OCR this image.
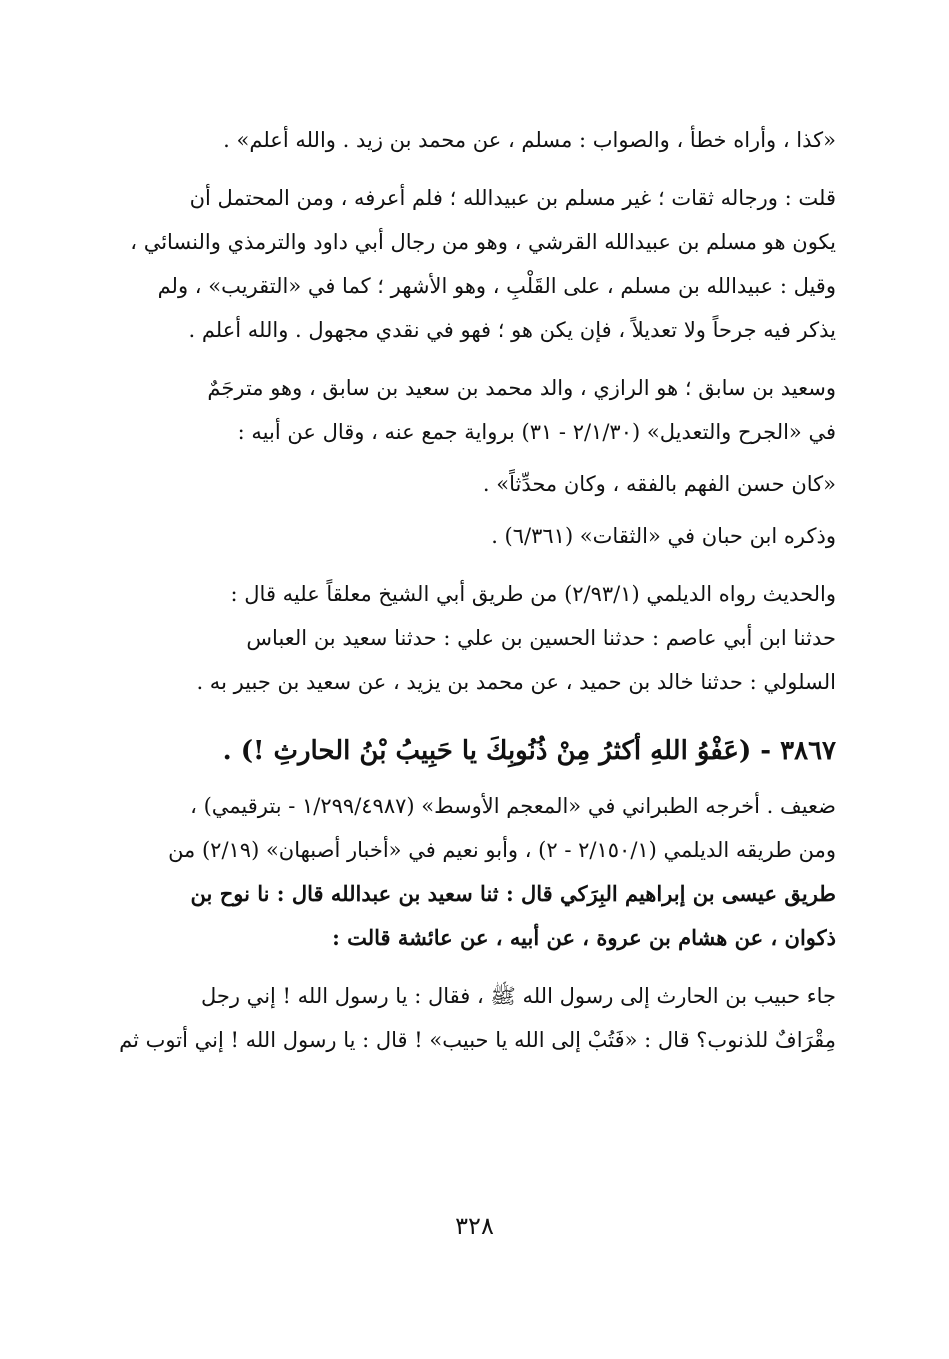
«كذا ، وأراه خطأ ، والصواب : مسلم ، عن محمد بن زيد . والله أعلم» .
قلت : ورجاله ثقات ؛ غير مسلم بن عبيدالله ؛ فلم أعرفه ، ومن المحتمل أن
يكون هو مسلم بن عبيدالله القرشي ، وهو من رجال أبي داود والترمذي والنسائي ،
وقيل : عبيدالله بن مسلم ، على القَلْبِ ، وهو الأشهر ؛ كما في «التقريب» ، ولم
يذكر فيه جرحاً ولا تعديلاً ، فإن يكن هو ؛ فهو في نقدي مجهول . والله أعلم .
وسعيد بن سابق ؛ هو الرازي ، والد محمد بن سعيد بن سابق ، وهو مترجَمٌ
في «الجرح والتعديل» (٢/١/٣٠ - ٣١) برواية جمع عنه ، وقال عن أبيه :
«كان حسن الفهم بالفقه ، وكان محدِّثاً» .
وذكره ابن حبان في «الثقات» (٦/٣٦١) .
والحديث رواه الديلمي (٢/٩٣/١) من طريق أبي الشيخ معلقاً عليه قال :
حدثنا ابن أبي عاصم : حدثنا الحسين بن علي : حدثنا سعيد بن العباس
السلولي : حدثنا خالد بن حميد ، عن محمد بن يزيد ، عن سعيد بن جبير به .
٣٨٦٧ - (عَفْوُ اللهِ أكثرُ مِنْ ذُنُوبِكَ يا حَبِيبُ بْنُ الحارثِ !) .
ضعيف . أخرجه الطبراني في «المعجم الأوسط» (١/٢٩٩/٤٩٨٧ - بترقيمي) ،
ومن طريقه الديلمي (٢/١٥٠/١ - ٢) ، وأبو نعيم في «أخبار أصبهان» (٢/١٩) من
طريق عيسى بن إبراهيم البِرَكي قال : ثنا سعيد بن عبدالله قال : نا نوح بن
ذكوان ، عن هشام بن عروة ، عن أبيه ، عن عائشة قالت :
جاء حبيب بن الحارث إلى رسول الله ﷺ ، فقال : يا رسول الله ! إني رجل
مِقْرَافٌ للذنوب؟ قال : «فَتُبْ إلى الله يا حبيب» ! قال : يا رسول الله ! إني أتوب ثم
٣٢٨
